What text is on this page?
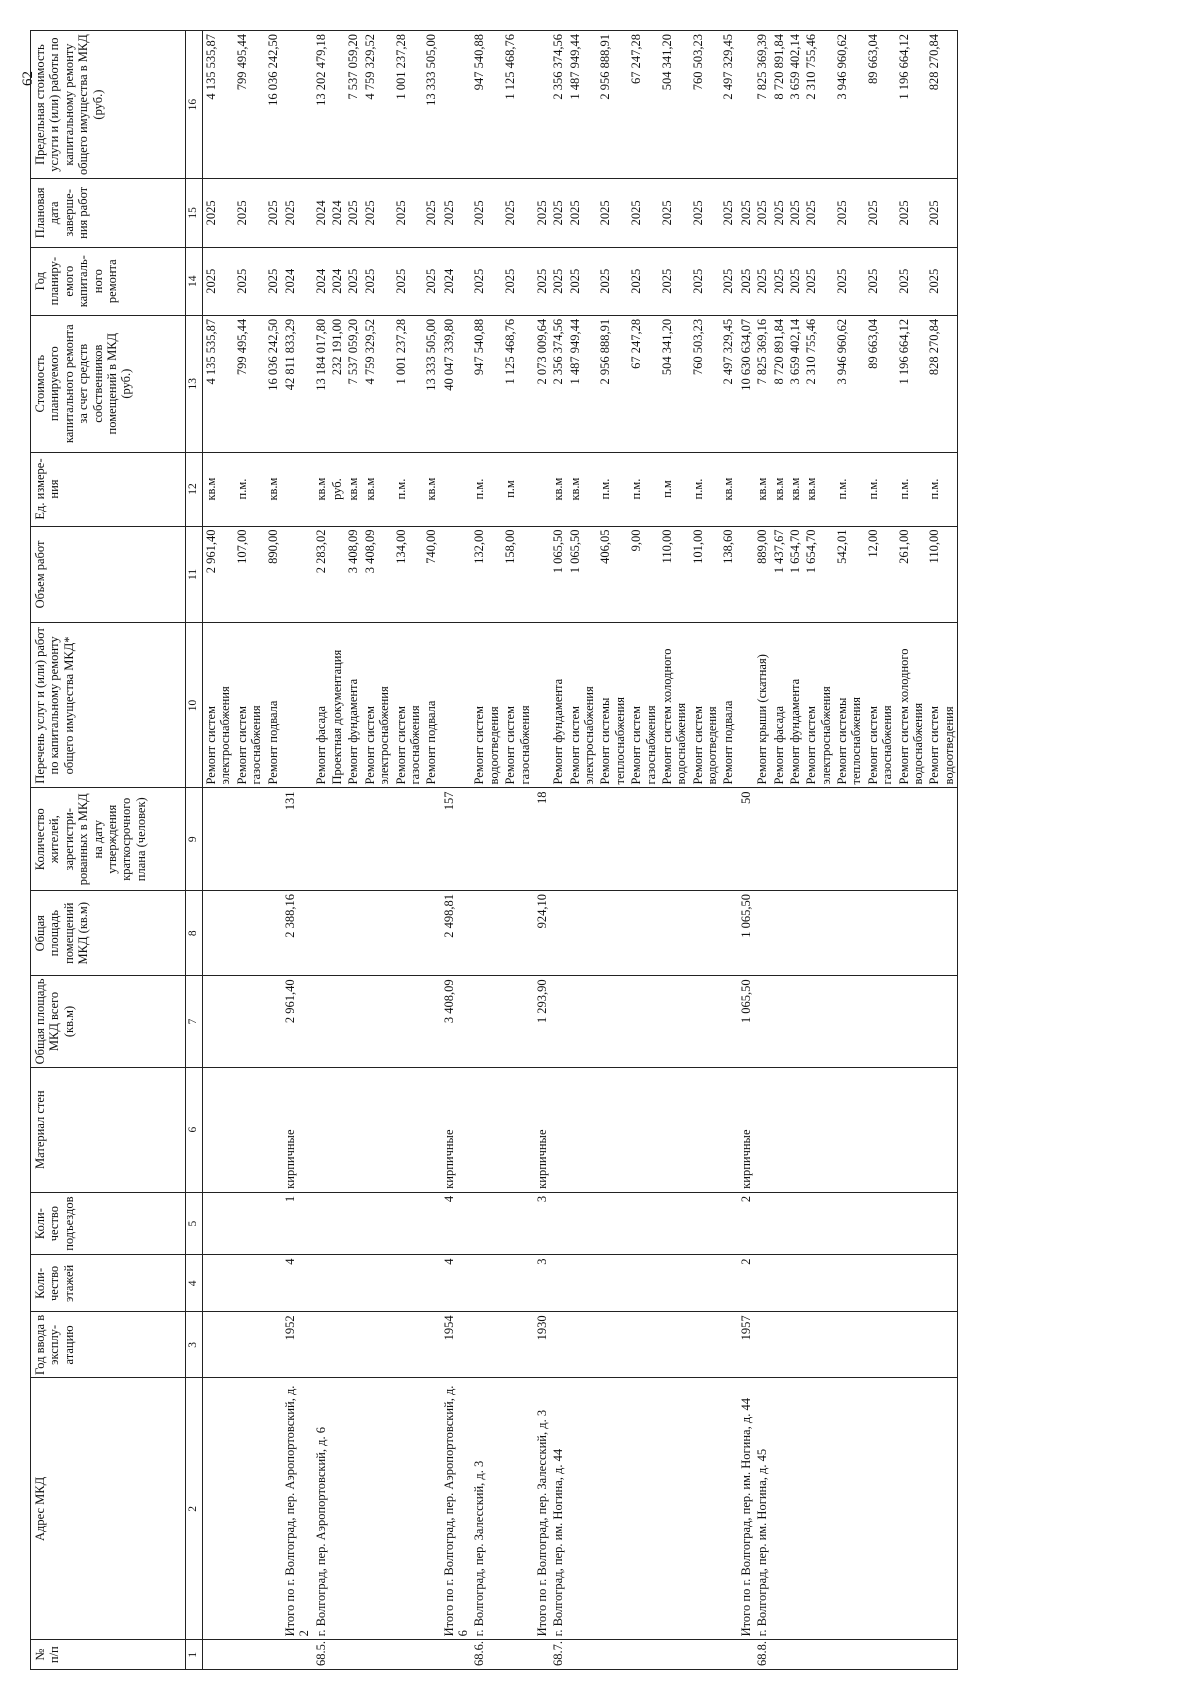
62
№ п/п	Адрес МКД	Год ввода в эксплу-атацию	Коли-чество этажей	Коли-чество подъездов	Материал стен	Общая площадь МКД всего (кв.м)	Общая площадь помещений МКД (кв.м)	Количество жителей, зарегистри-рованных в МКД на дату утверждения краткосрочного плана (человек)	Перечень услуг и (или) работ по капитальному ремонту общего имущества МКД*	Объем работ	Ед. измере-ния	Стоимость планируемого капитального ремонта за счет средств собственников помещений в МКД (руб.)	Год планиру-емого капиталь-ного ремонта	Плановая дата заверше-ния работ	Предельная стоимость услуги и (или) работы по капитальному ремонту общего имущества в МКД (руб.)
1	2	3	4	5	6	7	8	9	10	11	12	13	14	15	16
									Ремонт систем электроснабжения	2 961,40	кв.м	4 135 535,87	2025	2025	4 135 535,87
									Ремонт систем газоснабжения	107,00	п.м.	799 495,44	2025	2025	799 495,44
									Ремонт подвала	890,00	кв.м	16 036 242,50	2025	2025	16 036 242,50
	Итого по г. Волгоград, пер. Аэропортовский, д. 2	1952	4	1	кирпичные	2 961,40	2 388,16	131				42 811 833,29	2024	2025	
68.5.	г. Волгоград, пер. Аэропортовский, д. 6								Ремонт фасада	2 283,02	кв.м	13 184 017,80	2024	2024	13 202 479,18
									Проектная документация		руб.	232 191,00	2024	2024	
									Ремонт фундамента	3 408,09	кв.м	7 537 059,20	2025	2025	7 537 059,20
									Ремонт систем электроснабжения	3 408,09	кв.м	4 759 329,52	2025	2025	4 759 329,52
									Ремонт систем газоснабжения	134,00	п.м.	1 001 237,28	2025	2025	1 001 237,28
									Ремонт подвала	740,00	кв.м	13 333 505,00	2025	2025	13 333 505,00
	Итого по г. Волгоград, пер. Аэропортовский, д. 6	1954	4	4	кирпичные	3 408,09	2 498,81	157				40 047 339,80	2024	2025	
68.6.	г. Волгоград, пер. Залесский, д. 3								Ремонт систем водоотведения	132,00	п.м.	947 540,88	2025	2025	947 540,88
									Ремонт систем газоснабжения	158,00	п.м	1 125 468,76	2025	2025	1 125 468,76
	Итого по г. Волгоград, пер. Залесский, д. 3	1930	3	3	кирпичные	1 293,90	924,10	18				2 073 009,64	2025	2025	
68.7.	г. Волгоград, пер. им. Ногина, д. 44								Ремонт фундамента	1 065,50	кв.м	2 356 374,56	2025	2025	2 356 374,56
									Ремонт систем электроснабжения	1 065,50	кв.м	1 487 949,44	2025	2025	1 487 949,44
									Ремонт системы теплоснабжения	406,05	п.м.	2 956 888,91	2025	2025	2 956 888,91
									Ремонт систем газоснабжения	9,00	п.м.	67 247,28	2025	2025	67 247,28
									Ремонт систем холодного водоснабжения	110,00	п.м	504 341,20	2025	2025	504 341,20
									Ремонт систем водоотведения	101,00	п.м.	760 503,23	2025	2025	760 503,23
									Ремонт подвала	138,60	кв.м	2 497 329,45	2025	2025	2 497 329,45
	Итого по г. Волгоград, пер. им. Ногина, д. 44	1957	2	2	кирпичные	1 065,50	1 065,50	50				10 630 634,07	2025	2025	
68.8.	г. Волгоград, пер. им. Ногина, д. 45								Ремонт крыши (скатная)	889,00	кв.м	7 825 369,16	2025	2025	7 825 369,39
									Ремонт фасада	1 437,67	кв.м	8 720 891,84	2025	2025	8 720 891,84
									Ремонт фундамента	1 654,70	кв.м	3 659 402,14	2025	2025	3 659 402,14
									Ремонт систем электроснабжения	1 654,70	кв.м	2 310 755,46	2025	2025	2 310 755,46
									Ремонт системы теплоснабжения	542,01	п.м.	3 946 960,62	2025	2025	3 946 960,62
									Ремонт систем газоснабжения	12,00	п.м.	89 663,04	2025	2025	89 663,04
									Ремонт систем холодного водоснабжения	261,00	п.м.	1 196 664,12	2025	2025	1 196 664,12
									Ремонт систем водоотведения	110,00	п.м.	828 270,84	2025	2025	828 270,84
